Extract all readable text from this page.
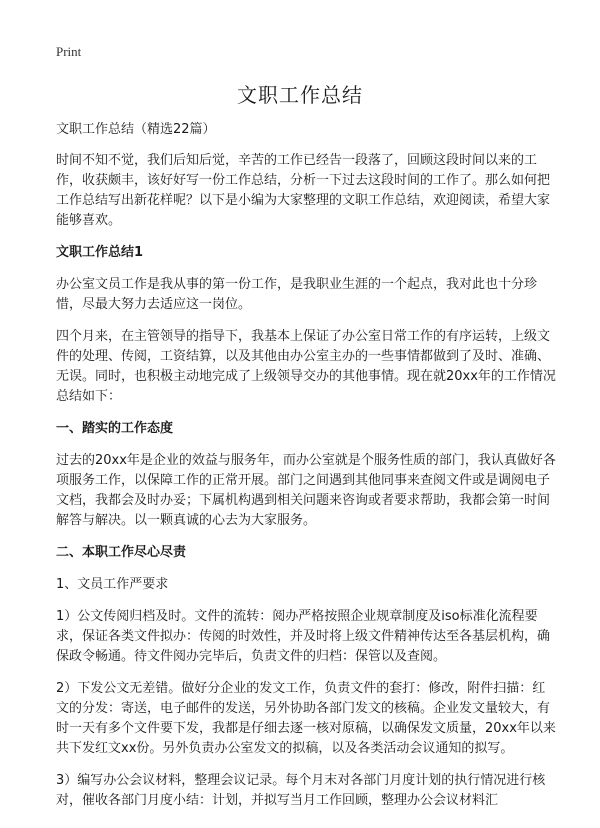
Print
文职工作总结

文职工作总结（精选22篇）

时间不知不觉，我们后知后觉，辛苦的工作已经告一段落了，回顾这段时间以来的工作，收获颇丰，该好好写一份工作总结，分析一下过去这段时间的工作了。那么如何把工作总结写出新花样呢？以下是小编为大家整理的文职工作总结，欢迎阅读，希望大家能够喜欢。

文职工作总结1

办公室文员工作是我从事的第一份工作，是我职业生涯的一个起点，我对此也十分珍惜，尽最大努力去适应这一岗位。

四个月来，在主管领导的指导下，我基本上保证了办公室日常工作的有序运转，上级文件的处理、传阅，工资结算，以及其他由办公室主办的一些事情都做到了及时、准确、无误。同时，也积极主动地完成了上级领导交办的其他事情。现在就20xx年的工作情况总结如下：

一、踏实的工作态度

过去的20xx年是企业的效益与服务年，而办公室就是个服务性质的部门，我认真做好各项服务工作，以保障工作的正常开展。部门之间遇到其他同事来查阅文件或是调阅电子文档，我都会及时办妥；下属机构遇到相关问题来咨询或者要求帮助，我都会第一时间解答与解决。以一颗真诚的心去为大家服务。

二、本职工作尽心尽责

1、文员工作严要求

1）公文传阅归档及时。文件的流转：阅办严格按照企业规章制度及iso标准化流程要求，保证各类文件拟办：传阅的时效性，并及时将上级文件精神传达至各基层机构，确保政令畅通。待文件阅办完毕后，负责文件的归档：保管以及查阅。

2）下发公文无差错。做好分企业的发文工作，负责文件的套打：修改，附件扫描：红文的分发：寄送，电子邮件的发送，另外协助各部门发文的核稿。企业发文量较大，有时一天有多个文件要下发，我都是仔细去逐一核对原稿，以确保发文质量，20xx年以来共下发红文xx份。另外负责办公室发文的拟稿，以及各类活动会议通知的拟写。

3）编写办公会议材料，整理会议记录。每个月末对各部门月度计划的执行情况进行核对，催收各部门月度小结：计划，并拟写当月工作回顾，整理办公会议材料汇
